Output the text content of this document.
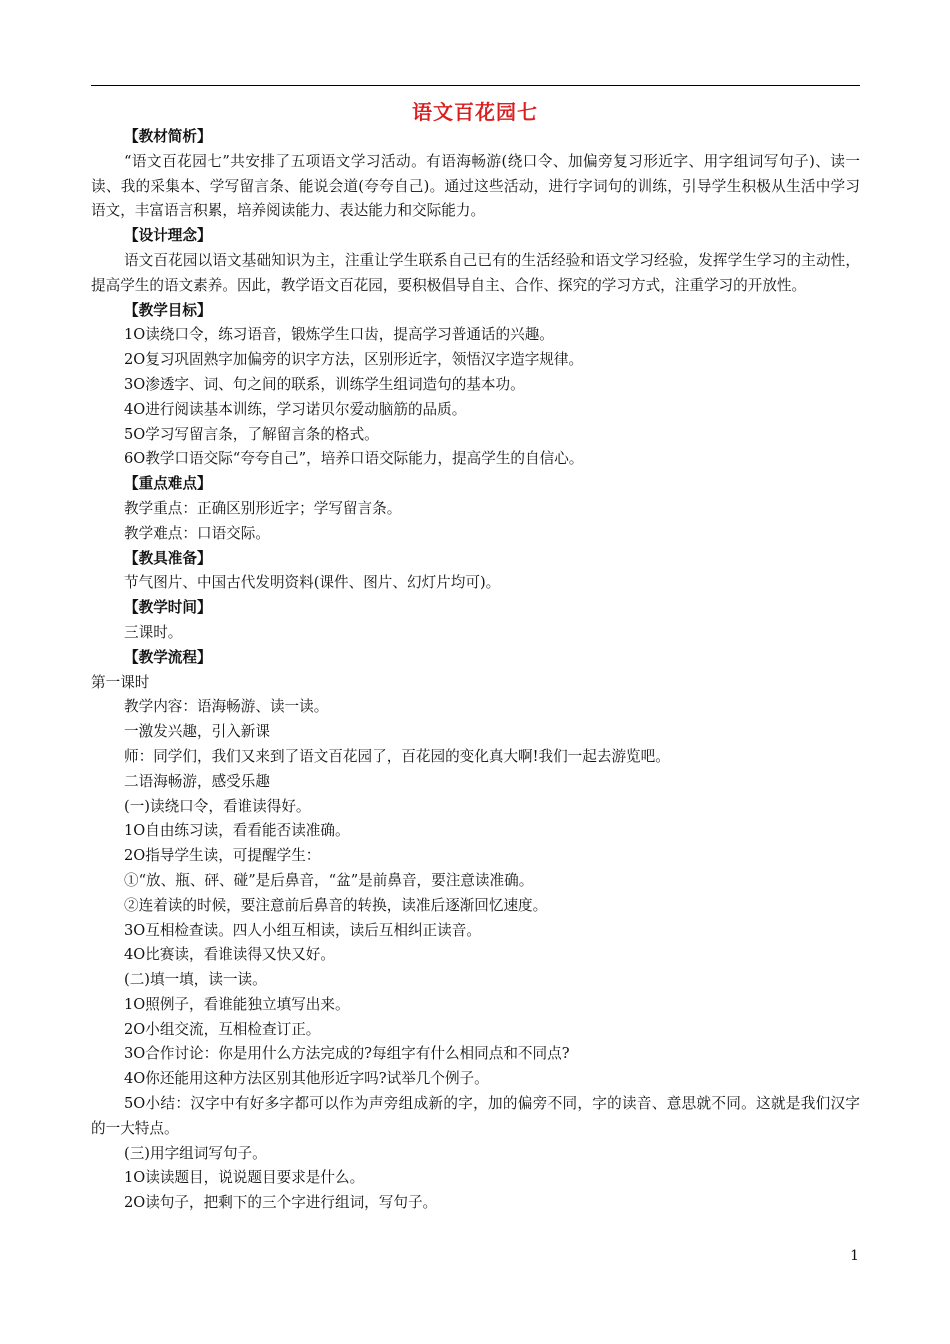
语文百花园七

【教材简析】

“语文百花园七”共安排了五项语文学习活动。有语海畅游(绕口令、加偏旁复习形近字、用字组词写句子)、读一读、我的采集本、学写留言条、能说会道(夸夸自己)。通过这些活动，进行字词句的训练，引导学生积极从生活中学习语文，丰富语言积累，培养阅读能力、表达能力和交际能力。

【设计理念】

语文百花园以语文基础知识为主，注重让学生联系自己已有的生活经验和语文学习经验，发挥学生学习的主动性，提高学生的语文素养。因此，教学语文百花园，要积极倡导自主、合作、探究的学习方式，注重学习的开放性。

【教学目标】

1O读绕口令，练习语音，锻炼学生口齿，提高学习普通话的兴趣。

2O复习巩固熟字加偏旁的识字方法，区别形近字，领悟汉字造字规律。

3O渗透字、词、句之间的联系，训练学生组词造句的基本功。

4O进行阅读基本训练，学习诺贝尔爱动脑筋的品质。

5O学习写留言条，了解留言条的格式。

6O教学口语交际“夸夸自己”，培养口语交际能力，提高学生的自信心。

【重点难点】

教学重点：正确区别形近字；学写留言条。

教学难点：口语交际。

【教具准备】

节气图片、中国古代发明资料(课件、图片、幻灯片均可)。

【教学时间】

三课时。

【教学流程】

第一课时

教学内容：语海畅游、读一读。

一激发兴趣，引入新课

师：同学们，我们又来到了语文百花园了，百花园的变化真大啊!我们一起去游览吧。

二语海畅游，感受乐趣

(一)读绕口令，看谁读得好。

1O自由练习读，看看能否读准确。

2O指导学生读，可提醒学生：

①“放、瓶、砰、碰”是后鼻音，“盆”是前鼻音，要注意读准确。

②连着读的时候，要注意前后鼻音的转换，读准后逐渐回忆速度。

3O互相检查读。四人小组互相读，读后互相纠正读音。

4O比赛读，看谁读得又快又好。

(二)填一填，读一读。

1O照例子，看谁能独立填写出来。

2O小组交流，互相检查订正。

3O合作讨论：你是用什么方法完成的?每组字有什么相同点和不同点?

4O你还能用这种方法区别其他形近字吗?试举几个例子。

5O小结：汉字中有好多字都可以作为声旁组成新的字，加的偏旁不同，字的读音、意思就不同。这就是我们汉字的一大特点。

(三)用字组词写句子。

1O读读题目，说说题目要求是什么。

2O读句子，把剩下的三个字进行组词，写句子。

1
